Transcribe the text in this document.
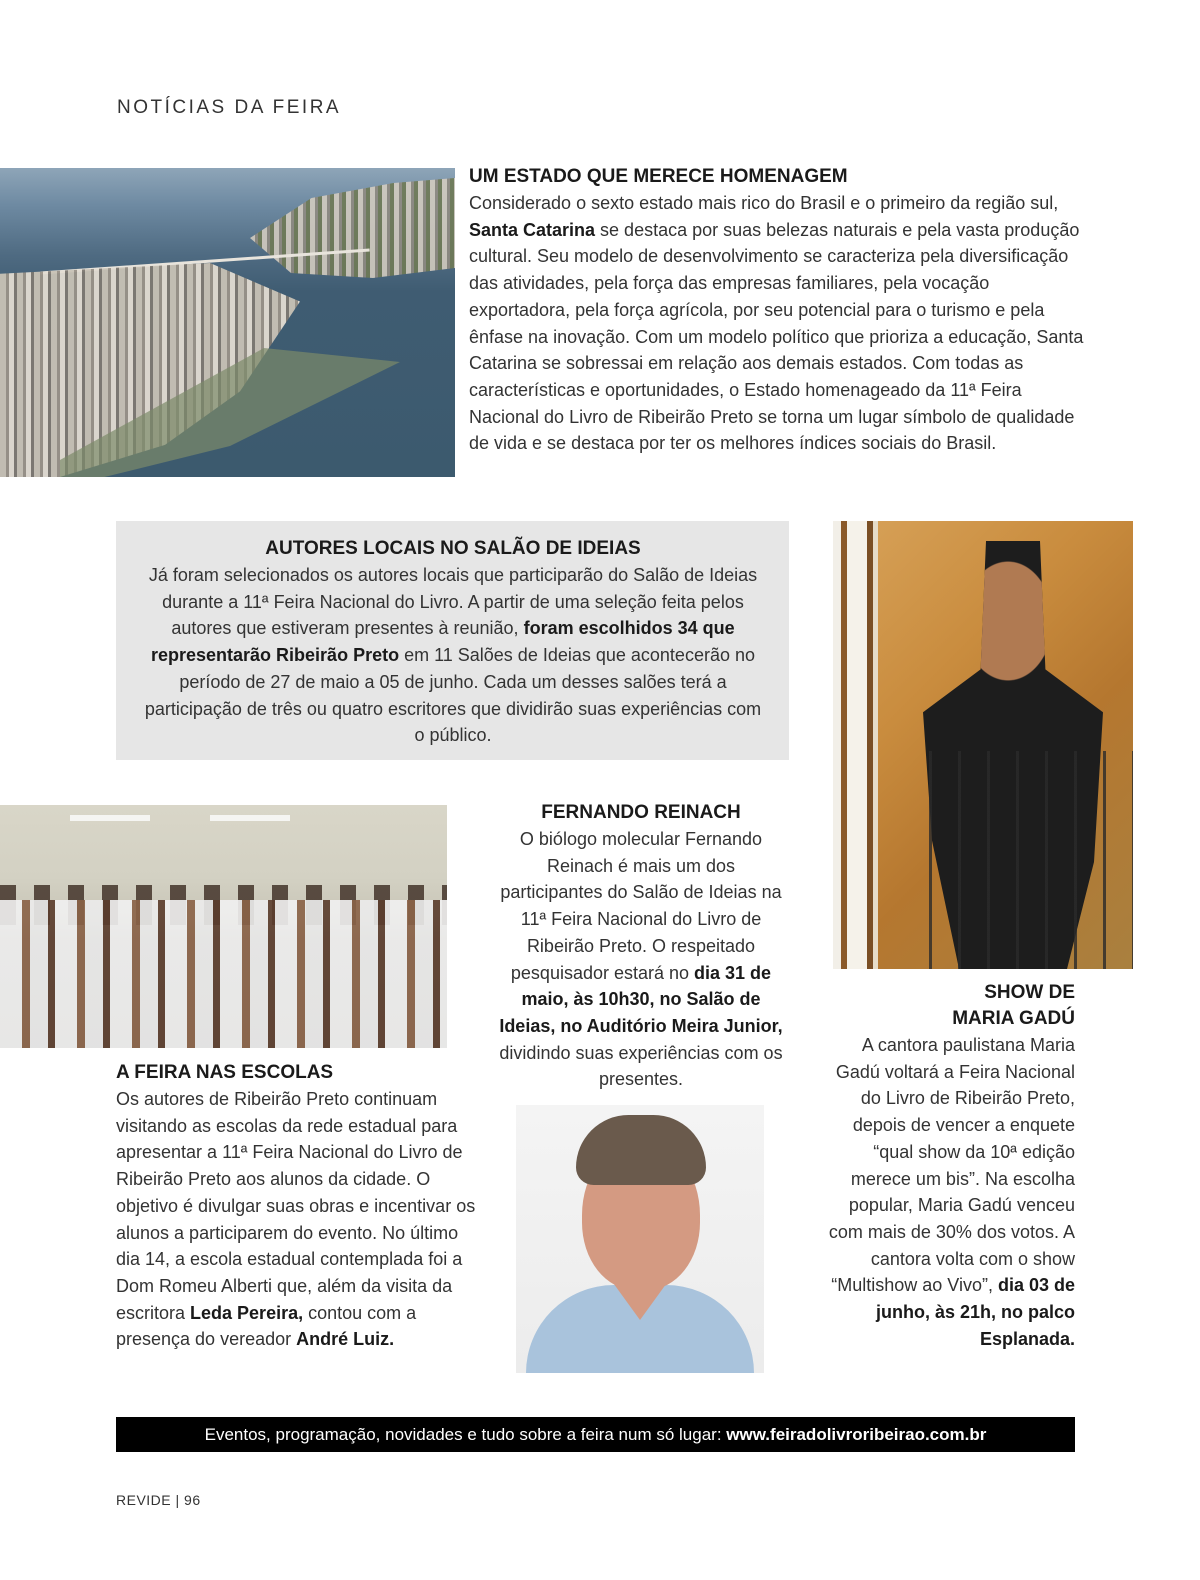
NOTÍCIAS DA FEIRA
UM ESTADO QUE MERECE HOMENAGEM

Considerado o sexto estado mais rico do Brasil e o primeiro da região sul, Santa Catarina se destaca por suas belezas naturais e pela vasta produção cultural. Seu modelo de desenvolvimento se caracteriza pela diversificação das atividades, pela força das empresas familiares, pela vocação exportadora, pela força agrícola, por seu potencial para o turismo e pela ênfase na inovação. Com um modelo político que prioriza a educação, Santa Catarina se sobressai em relação aos demais estados. Com todas as características e oportunidades, o Estado homenageado da 11ª Feira Nacional do Livro de Ribeirão Preto se torna um lugar símbolo de qualidade de vida e se destaca por ter os melhores índices sociais do Brasil.

AUTORES LOCAIS NO SALÃO DE IDEIAS

Já foram selecionados os autores locais que participarão do Salão de Ideias durante a 11ª Feira Nacional do Livro. A partir de uma seleção feita pelos autores que estiveram presentes à reunião, foram escolhidos 34 que representarão Ribeirão Preto em 11 Salões de Ideias que acontecerão no período de 27 de maio a 05 de junho. Cada um desses salões terá a participação de três ou quatro escritores que dividirão suas experiências com o público.

A FEIRA NAS ESCOLAS

Os autores de Ribeirão Preto continuam visitando as escolas da rede estadual para apresentar a 11ª Feira Nacional do Livro de Ribeirão Preto aos alunos da cidade. O objetivo é divulgar suas obras e incentivar os alunos a participarem do evento. No último dia 14, a escola estadual contemplada foi a Dom Romeu Alberti que, além da visita da escritora Leda Pereira, contou com a presença do vereador André Luiz.

FERNANDO REINACH

O biólogo molecular Fernando Reinach é mais um dos participantes do Salão de Ideias na 11ª Feira Nacional do Livro de Ribeirão Preto. O respeitado pesquisador estará no dia 31 de maio, às 10h30, no Salão de Ideias, no Auditório Meira Junior, dividindo suas experiências com os presentes.

SHOW DE
MARIA GADÚ

A cantora paulistana Maria Gadú voltará a Feira Nacional do Livro de Ribeirão Preto, depois de vencer a enquete “qual show da 10ª edição merece um bis”. Na escolha popular, Maria Gadú venceu com mais de 30% dos votos. A cantora volta com o show “Multishow ao Vivo”, dia 03 de junho, às 21h, no palco Esplanada.

Eventos, programação, novidades e tudo sobre a feira num só lugar: www.feiradolivroribeirao.com.br
REVIDE | 96
